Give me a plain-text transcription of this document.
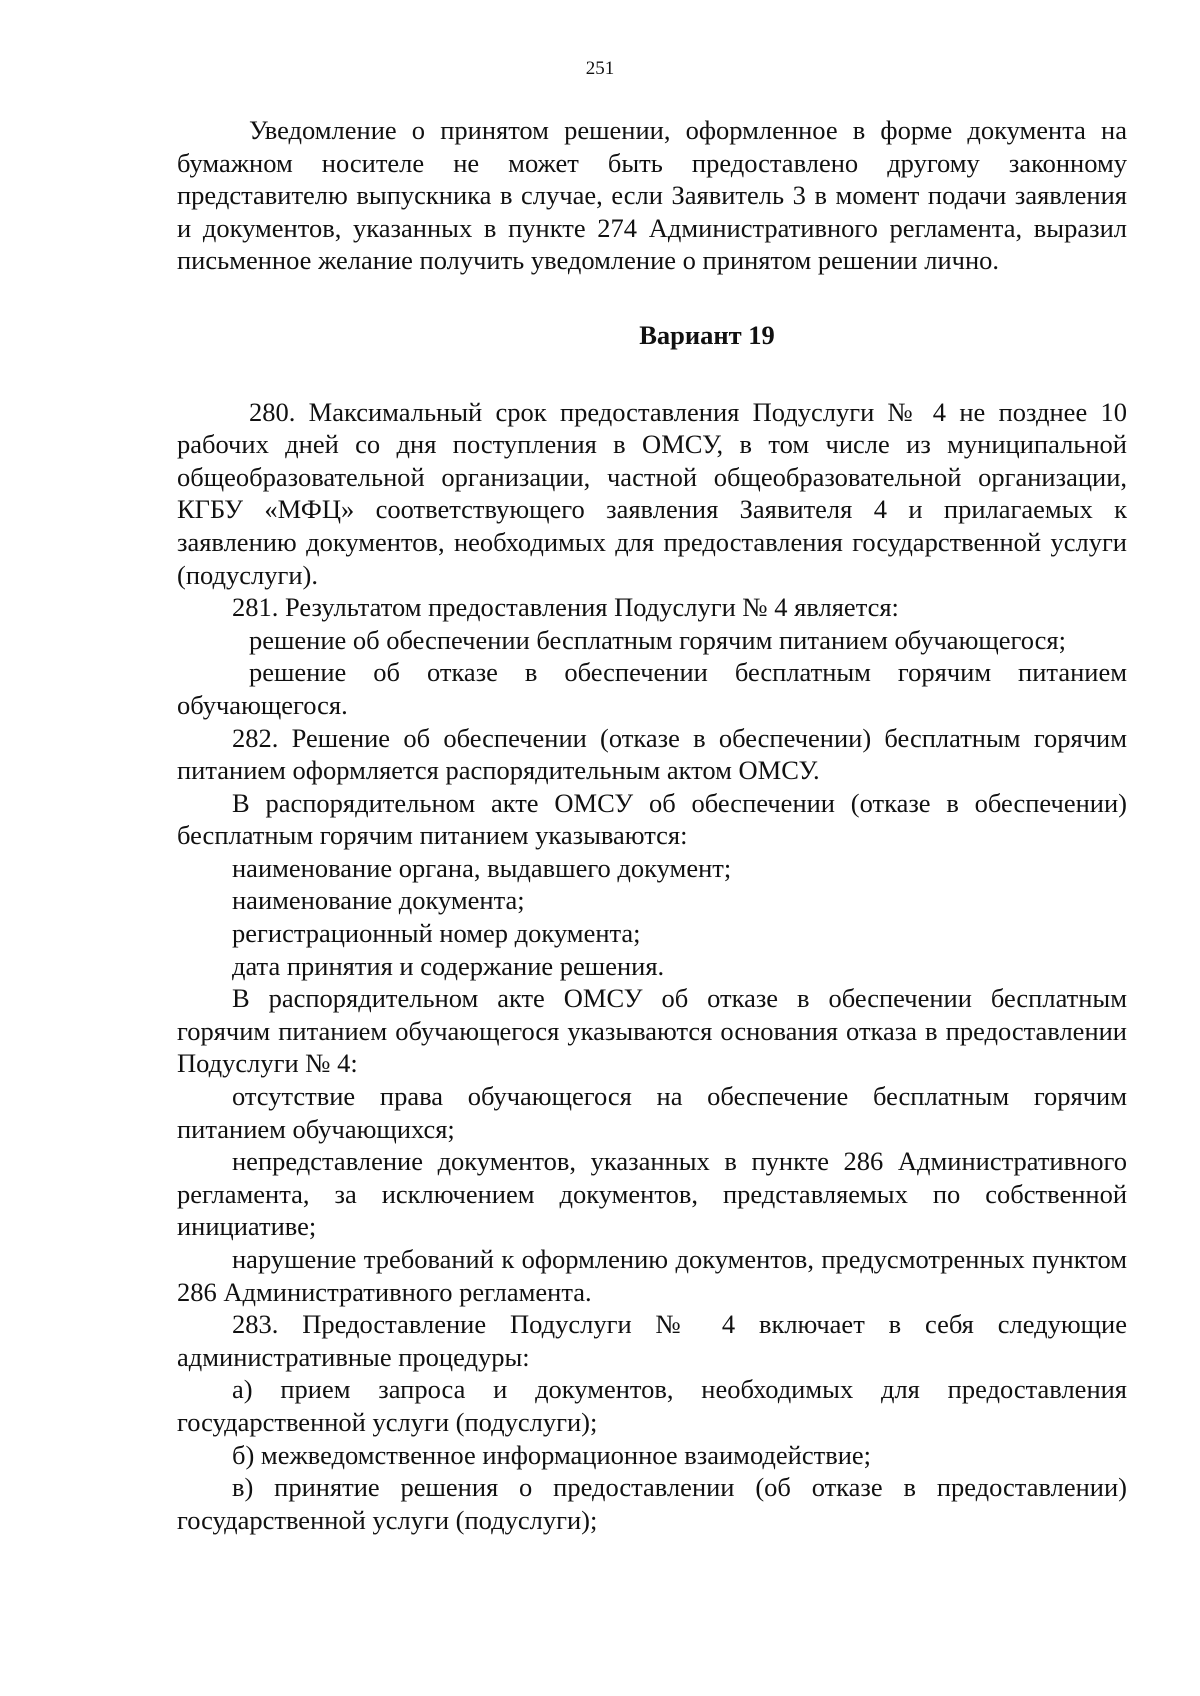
251

Уведомление о принятом решении, оформленное в форме документа на бумажном носителе не может быть предоставлено другому законному представителю выпускника в случае, если Заявитель 3 в момент подачи заявления и документов, указанных в пункте 274 Административного регламента, выразил письменное желание получить уведомление о принятом решении лично.

Вариант 19

280. Максимальный срок предоставления Подуслуги № 4 не позднее 10 рабочих дней со дня поступления в ОМСУ, в том числе из муниципальной общеобразовательной организации, частной общеобразовательной организации, КГБУ «МФЦ» соответствующего заявления Заявителя 4 и прилагаемых к заявлению документов, необходимых для предоставления государственной услуги (подуслуги).

281. Результатом предоставления Подуслуги № 4 является:

решение об обеспечении бесплатным горячим питанием обучающегося;

решение об отказе в обеспечении бесплатным горячим питанием обучающегося.

282. Решение об обеспечении (отказе в обеспечении) бесплатным горячим питанием оформляется распорядительным актом ОМСУ.

В распорядительном акте ОМСУ об обеспечении (отказе в обеспечении) бесплатным горячим питанием указываются:

наименование органа, выдавшего документ;

наименование документа;

регистрационный номер документа;

дата принятия и содержание решения.

В распорядительном акте ОМСУ об отказе в обеспечении бесплатным горячим питанием обучающегося указываются основания отказа в предоставлении Подуслуги № 4:

отсутствие права обучающегося на обеспечение бесплатным горячим питанием обучающихся;

непредставление документов, указанных в пункте 286 Административного регламента, за исключением документов, представляемых по собственной инициативе;

нарушение требований к оформлению документов, предусмотренных пунктом 286 Административного регламента.

283. Предоставление Подуслуги № 4 включает в себя следующие административные процедуры:

а) прием запроса и документов, необходимых для предоставления государственной услуги (подуслуги);

б) межведомственное информационное взаимодействие;

в) принятие решения о предоставлении (об отказе в предоставлении) государственной услуги (подуслуги);
